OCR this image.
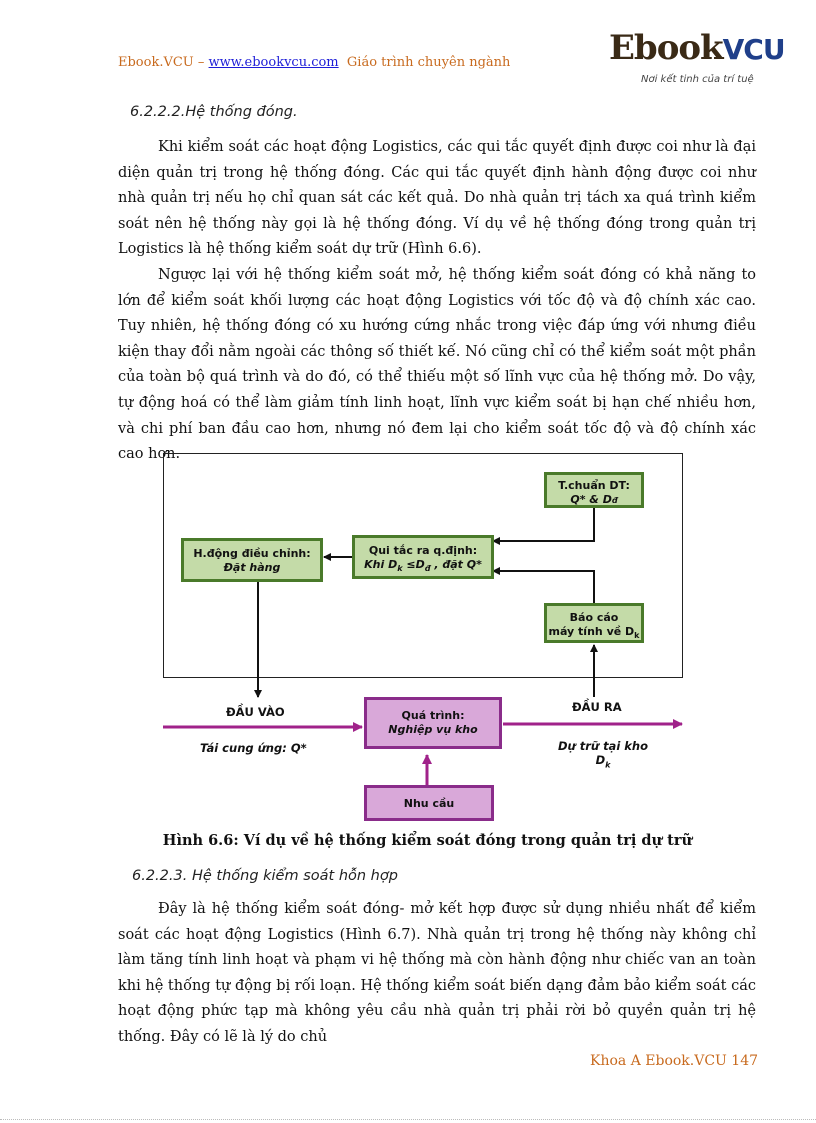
Ebook.VCU – www.ebookvcu.com Giáo trình chuyên ngành	EbookVCU
Nơi kết tinh của trí tuệ
6.2.2.2.Hệ thống đóng.

Khi kiểm soát các hoạt động Logistics, các qui tắc quyết định được coi như là đại diện quản trị trong hệ thống đóng. Các qui tắc quyết định hành động được coi như nhà quản trị nếu họ chỉ quan sát các kết quả. Do nhà quản trị tách xa quá trình kiểm soát nên hệ thống này gọi là hệ thống đóng. Ví dụ về hệ thống đóng trong quản trị Logistics là hệ thống kiểm soát dự trữ (Hình 6.6).

Ngược lại với hệ thống kiểm soát mở, hệ thống kiểm soát đóng có khả năng to lớn để kiểm soát khối lượng các hoạt động Logistics với tốc độ và độ chính xác cao. Tuy nhiên, hệ thống đóng có xu hướng cứng nhắc trong việc đáp ứng với nhưng điều kiện thay đổi nằm ngoài các thông số thiết kế. Nó cũng chỉ có thể kiểm soát một phần của toàn bộ quá trình và do đó, có thể thiếu một số lĩnh vực của hệ thống mở. Do vậy, tự động hoá có thể làm giảm tính linh hoạt, lĩnh vực kiểm soát bị hạn chế nhiều hơn, và chi phí ban đầu cao hơn, nhưng nó đem lại cho kiểm soát tốc độ và độ chính xác cao hơn.

T.chuẩn DT:
Q* & Dđ
Qui tắc ra q.định:
Khi $D_k \le D_đ$ , đặt Q*
H.động điều chỉnh:
Đặt hàng
Báo cáo
máy tính về $D_k$
Quá trình:
Nghiệp vụ kho
Nhu cầu
ĐẦU VÀO
Tái cung ứng: Q*
ĐẦU RA
Dự trữ tại kho
$D_k$
Hình 6.6: Ví dụ về hệ thống kiểm soát đóng trong quản trị dự trữ
6.2.2.3. Hệ thống kiểm soát hỗn hợp

Đây là hệ thống kiểm soát đóng- mở kết hợp được sử dụng nhiều nhất để kiểm soát các hoạt động Logistics (Hình 6.7). Nhà quản trị trong hệ thống này không chỉ làm tăng tính linh hoạt và phạm vi hệ thống mà còn hành động như chiếc van an toàn khi hệ thống tự động bị rối loạn. Hệ thống kiểm soát biến dạng đảm bảo kiểm soát các hoạt động phức tạp mà không yêu cầu nhà quản trị phải rời bỏ quyền quản trị hệ thống. Đây có lẽ là lý do chủ

Khoa A Ebook.VCU 147
